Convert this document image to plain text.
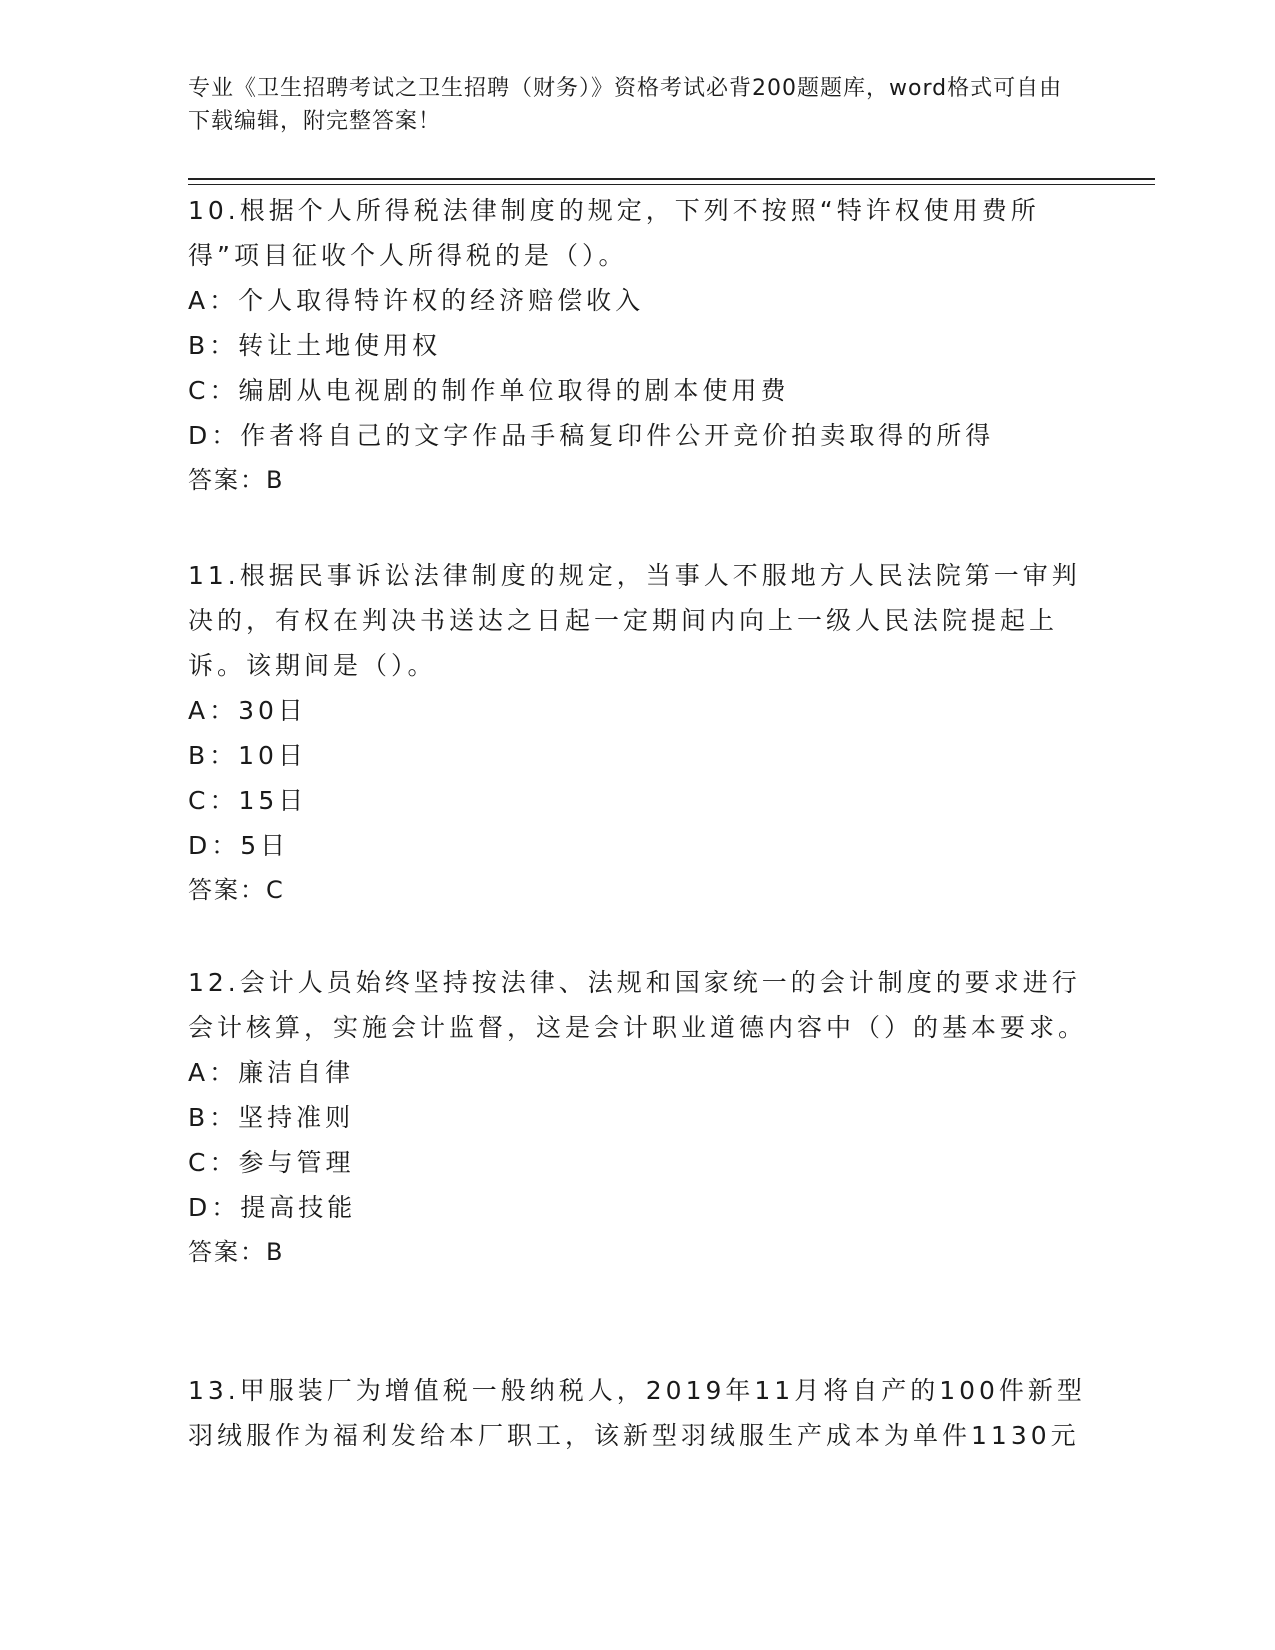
专业《卫生招聘考试之卫生招聘（财务）》资格考试必背200题题库，word格式可自由下载编辑，附完整答案！

10.根据个人所得税法律制度的规定，下列不按照“特许权使用费所得”项目征收个人所得税的是（）。

A：个人取得特许权的经济赔偿收入

B：转让土地使用权

C：编剧从电视剧的制作单位取得的剧本使用费

D：作者将自己的文字作品手稿复印件公开竞价拍卖取得的所得

答案：B

11.根据民事诉讼法律制度的规定，当事人不服地方人民法院第一审判决的，有权在判决书送达之日起一定期间内向上一级人民法院提起上诉。该期间是（）。

A：30日

B：10日

C：15日

D：5日

答案：C

12.会计人员始终坚持按法律、法规和国家统一的会计制度的要求进行会计核算，实施会计监督，这是会计职业道德内容中（）的基本要求。

A：廉洁自律

B：坚持准则

C：参与管理

D：提高技能

答案：B

13.甲服装厂为增值税一般纳税人，2019年11月将自产的100件新型羽绒服作为福利发给本厂职工，该新型羽绒服生产成本为单件1130元
